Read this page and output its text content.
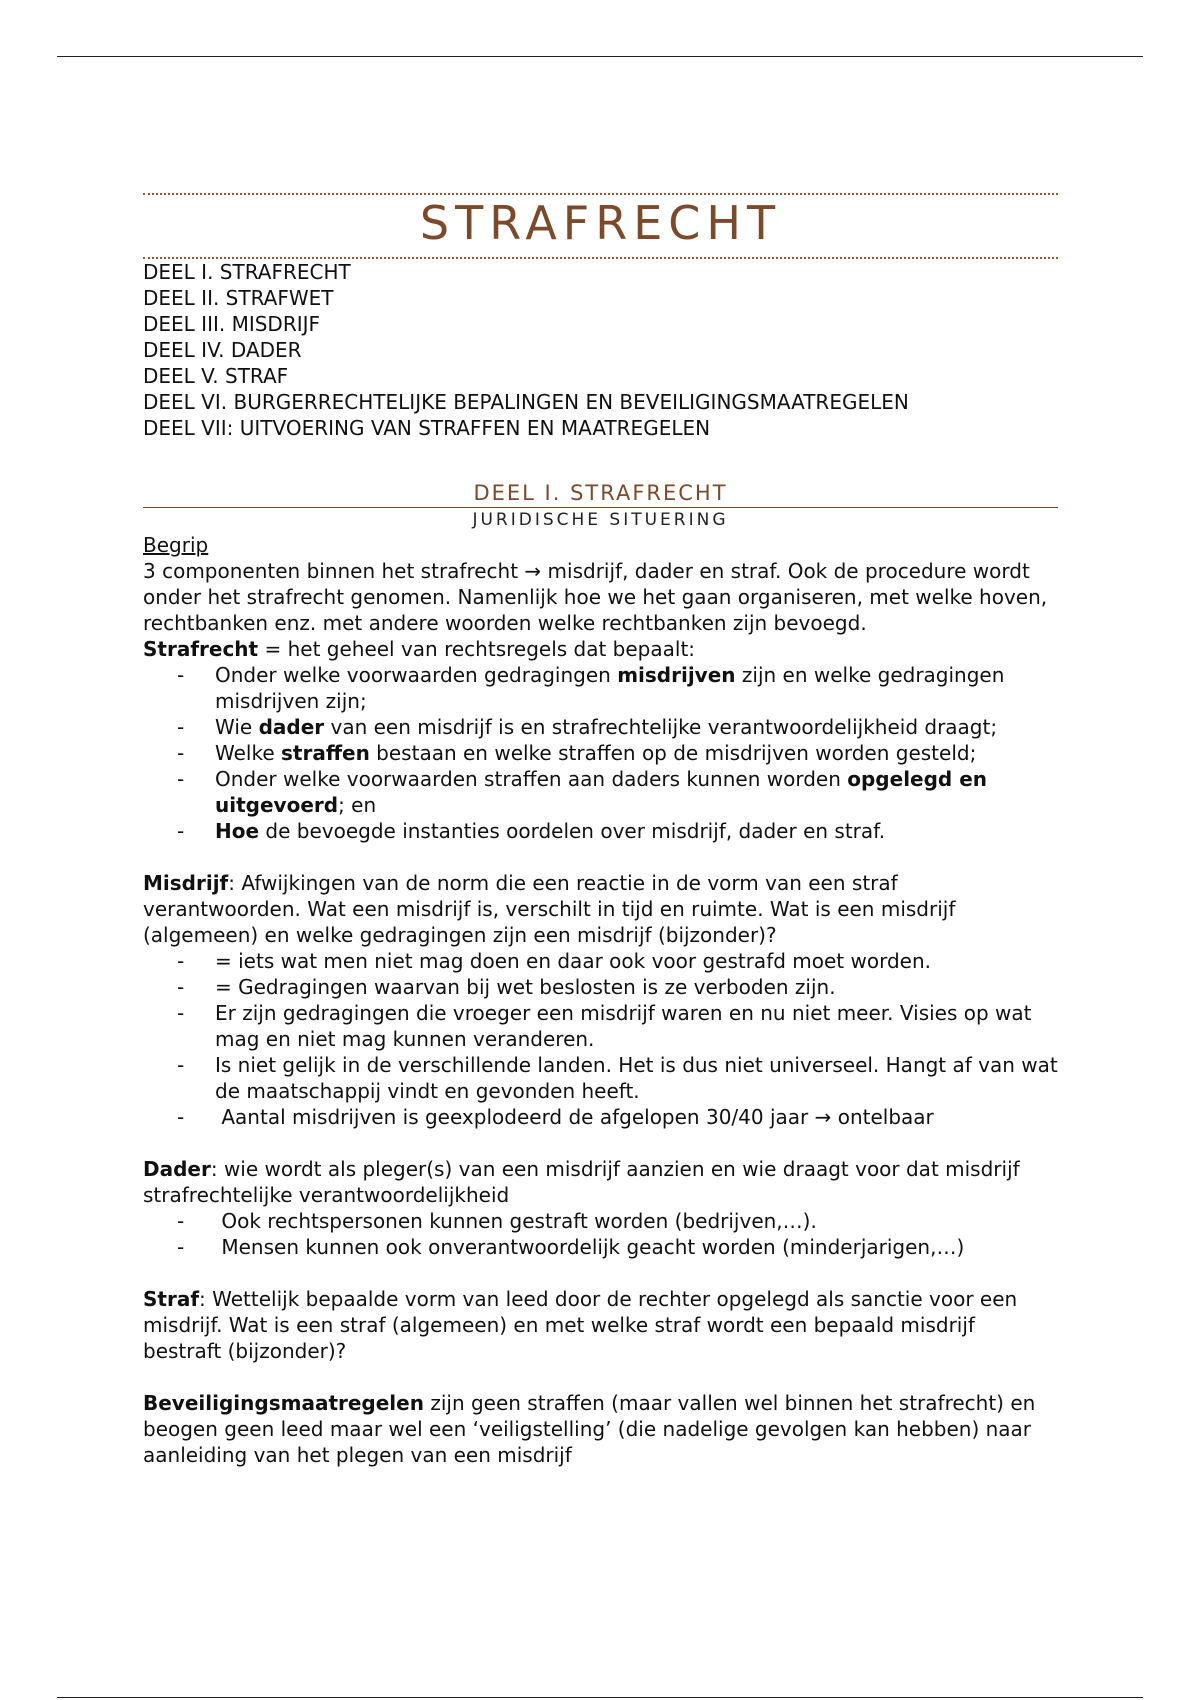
STRAFRECHT
DEEL I. STRAFRECHT
DEEL II. STRAFWET
DEEL III. MISDRIJF
DEEL IV. DADER
DEEL V. STRAF
DEEL VI. BURGERRECHTELIJKE BEPALINGEN EN BEVEILIGINGSMAATREGELEN
DEEL VII: UITVOERING VAN STRAFFEN EN MAATREGELEN
DEEL I. STRAFRECHT
JURIDISCHE SITUERING
Begrip

3 componenten binnen het strafrecht → misdrijf, dader en straf. Ook de procedure wordt onder het strafrecht genomen. Namenlijk hoe we het gaan organiseren, met welke hoven, rechtbanken enz. met andere woorden welke rechtbanken zijn bevoegd.

Strafrecht = het geheel van rechtsregels dat bepaalt:

- Onder welke voorwaarden gedragingen misdrijven zijn en welke gedragingen misdrijven zijn;
- Wie dader van een misdrijf is en strafrechtelijke verantwoordelijkheid draagt;
- Welke straffen bestaan en welke straffen op de misdrijven worden gesteld;
- Onder welke voorwaarden straffen aan daders kunnen worden opgelegd en uitgevoerd; en
- Hoe de bevoegde instanties oordelen over misdrijf, dader en straf.

Misdrijf: Afwijkingen van de norm die een reactie in de vorm van een straf verantwoorden. Wat een misdrijf is, verschilt in tijd en ruimte. Wat is een misdrijf (algemeen) en welke gedragingen zijn een misdrijf (bijzonder)?

- = iets wat men niet mag doen en daar ook voor gestrafd moet worden.
- = Gedragingen waarvan bij wet beslosten is ze verboden zijn.
- Er zijn gedragingen die vroeger een misdrijf waren en nu niet meer. Visies op wat mag en niet mag kunnen veranderen.
- Is niet gelijk in de verschillende landen. Het is dus niet universeel. Hangt af van wat de maatschappij vindt en gevonden heeft.
-  Aantal misdrijven is geexplodeerd de afgelopen 30/40 jaar → ontelbaar

Dader: wie wordt als pleger(s) van een misdrijf aanzien en wie draagt voor dat misdrijf strafrechtelijke verantwoordelijkheid

-  Ook rechtspersonen kunnen gestraft worden (bedrijven,…).
-  Mensen kunnen ook onverantwoordelijk geacht worden (minderjarigen,…)

Straf: Wettelijk bepaalde vorm van leed door de rechter opgelegd als sanctie voor een misdrijf. Wat is een straf (algemeen) en met welke straf wordt een bepaald misdrijf bestraft (bijzonder)?

Beveiligingsmaatregelen zijn geen straffen (maar vallen wel binnen het strafrecht) en beogen geen leed maar wel een ‘veiligstelling’ (die nadelige gevolgen kan hebben) naar aanleiding van het plegen van een misdrijf
